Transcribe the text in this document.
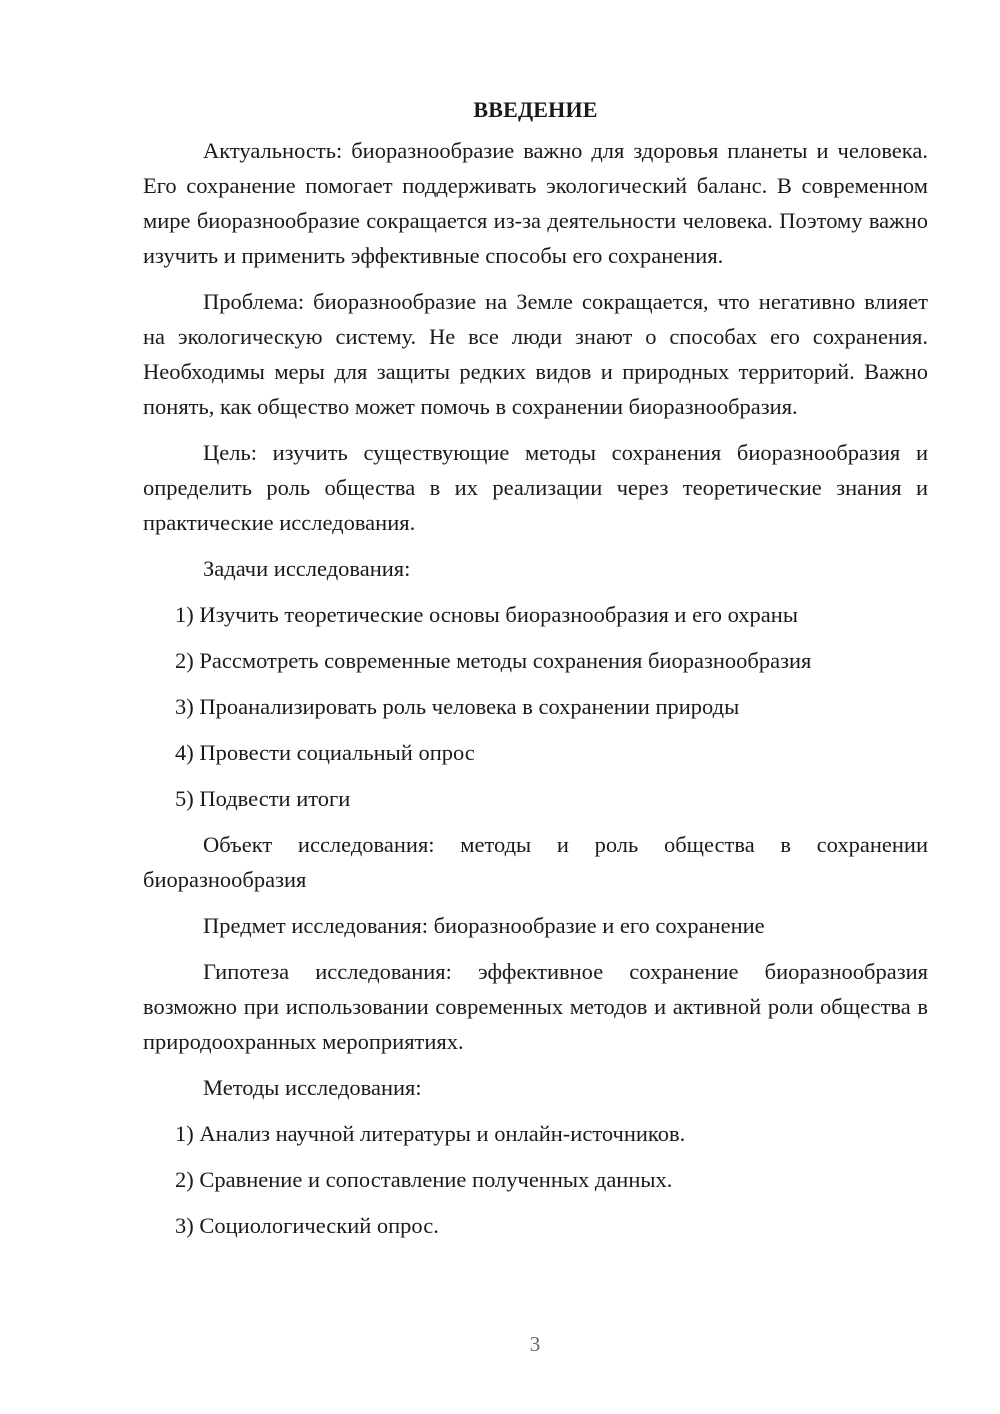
ВВЕДЕНИЕ

Актуальность: биоразнообразие важно для здоровья планеты и человека. Его сохранение помогает поддерживать экологический баланс. В современном мире биоразнообразие сокращается из-за деятельности человека. Поэтому важно изучить и применить эффективные способы его сохранения.

Проблема: биоразнообразие на Земле сокращается, что негативно влияет на экологическую систему. Не все люди знают о способах его сохранения. Необходимы меры для защиты редких видов и природных территорий. Важно понять, как общество может помочь в сохранении биоразнообразия.

Цель: изучить существующие методы сохранения биоразнообразия и определить роль общества в их реализации через теоретические знания и практические исследования.

Задачи исследования:

1) Изучить теоретические основы биоразнообразия и его охраны
2) Рассмотреть современные методы сохранения биоразнообразия
3) Проанализировать роль человека в сохранении природы
4) Провести социальный опрос
5) Подвести итоги

Объект исследования: методы и роль общества в сохранении биоразнообразия

Предмет исследования: биоразнообразие и его сохранение

Гипотеза исследования: эффективное сохранение биоразнообразия возможно при использовании современных методов и активной роли общества в природоохранных мероприятиях.

Методы исследования:

1) Анализ научной литературы и онлайн-источников.
2) Сравнение и сопоставление полученных данных.
3) Социологический опрос.
3
